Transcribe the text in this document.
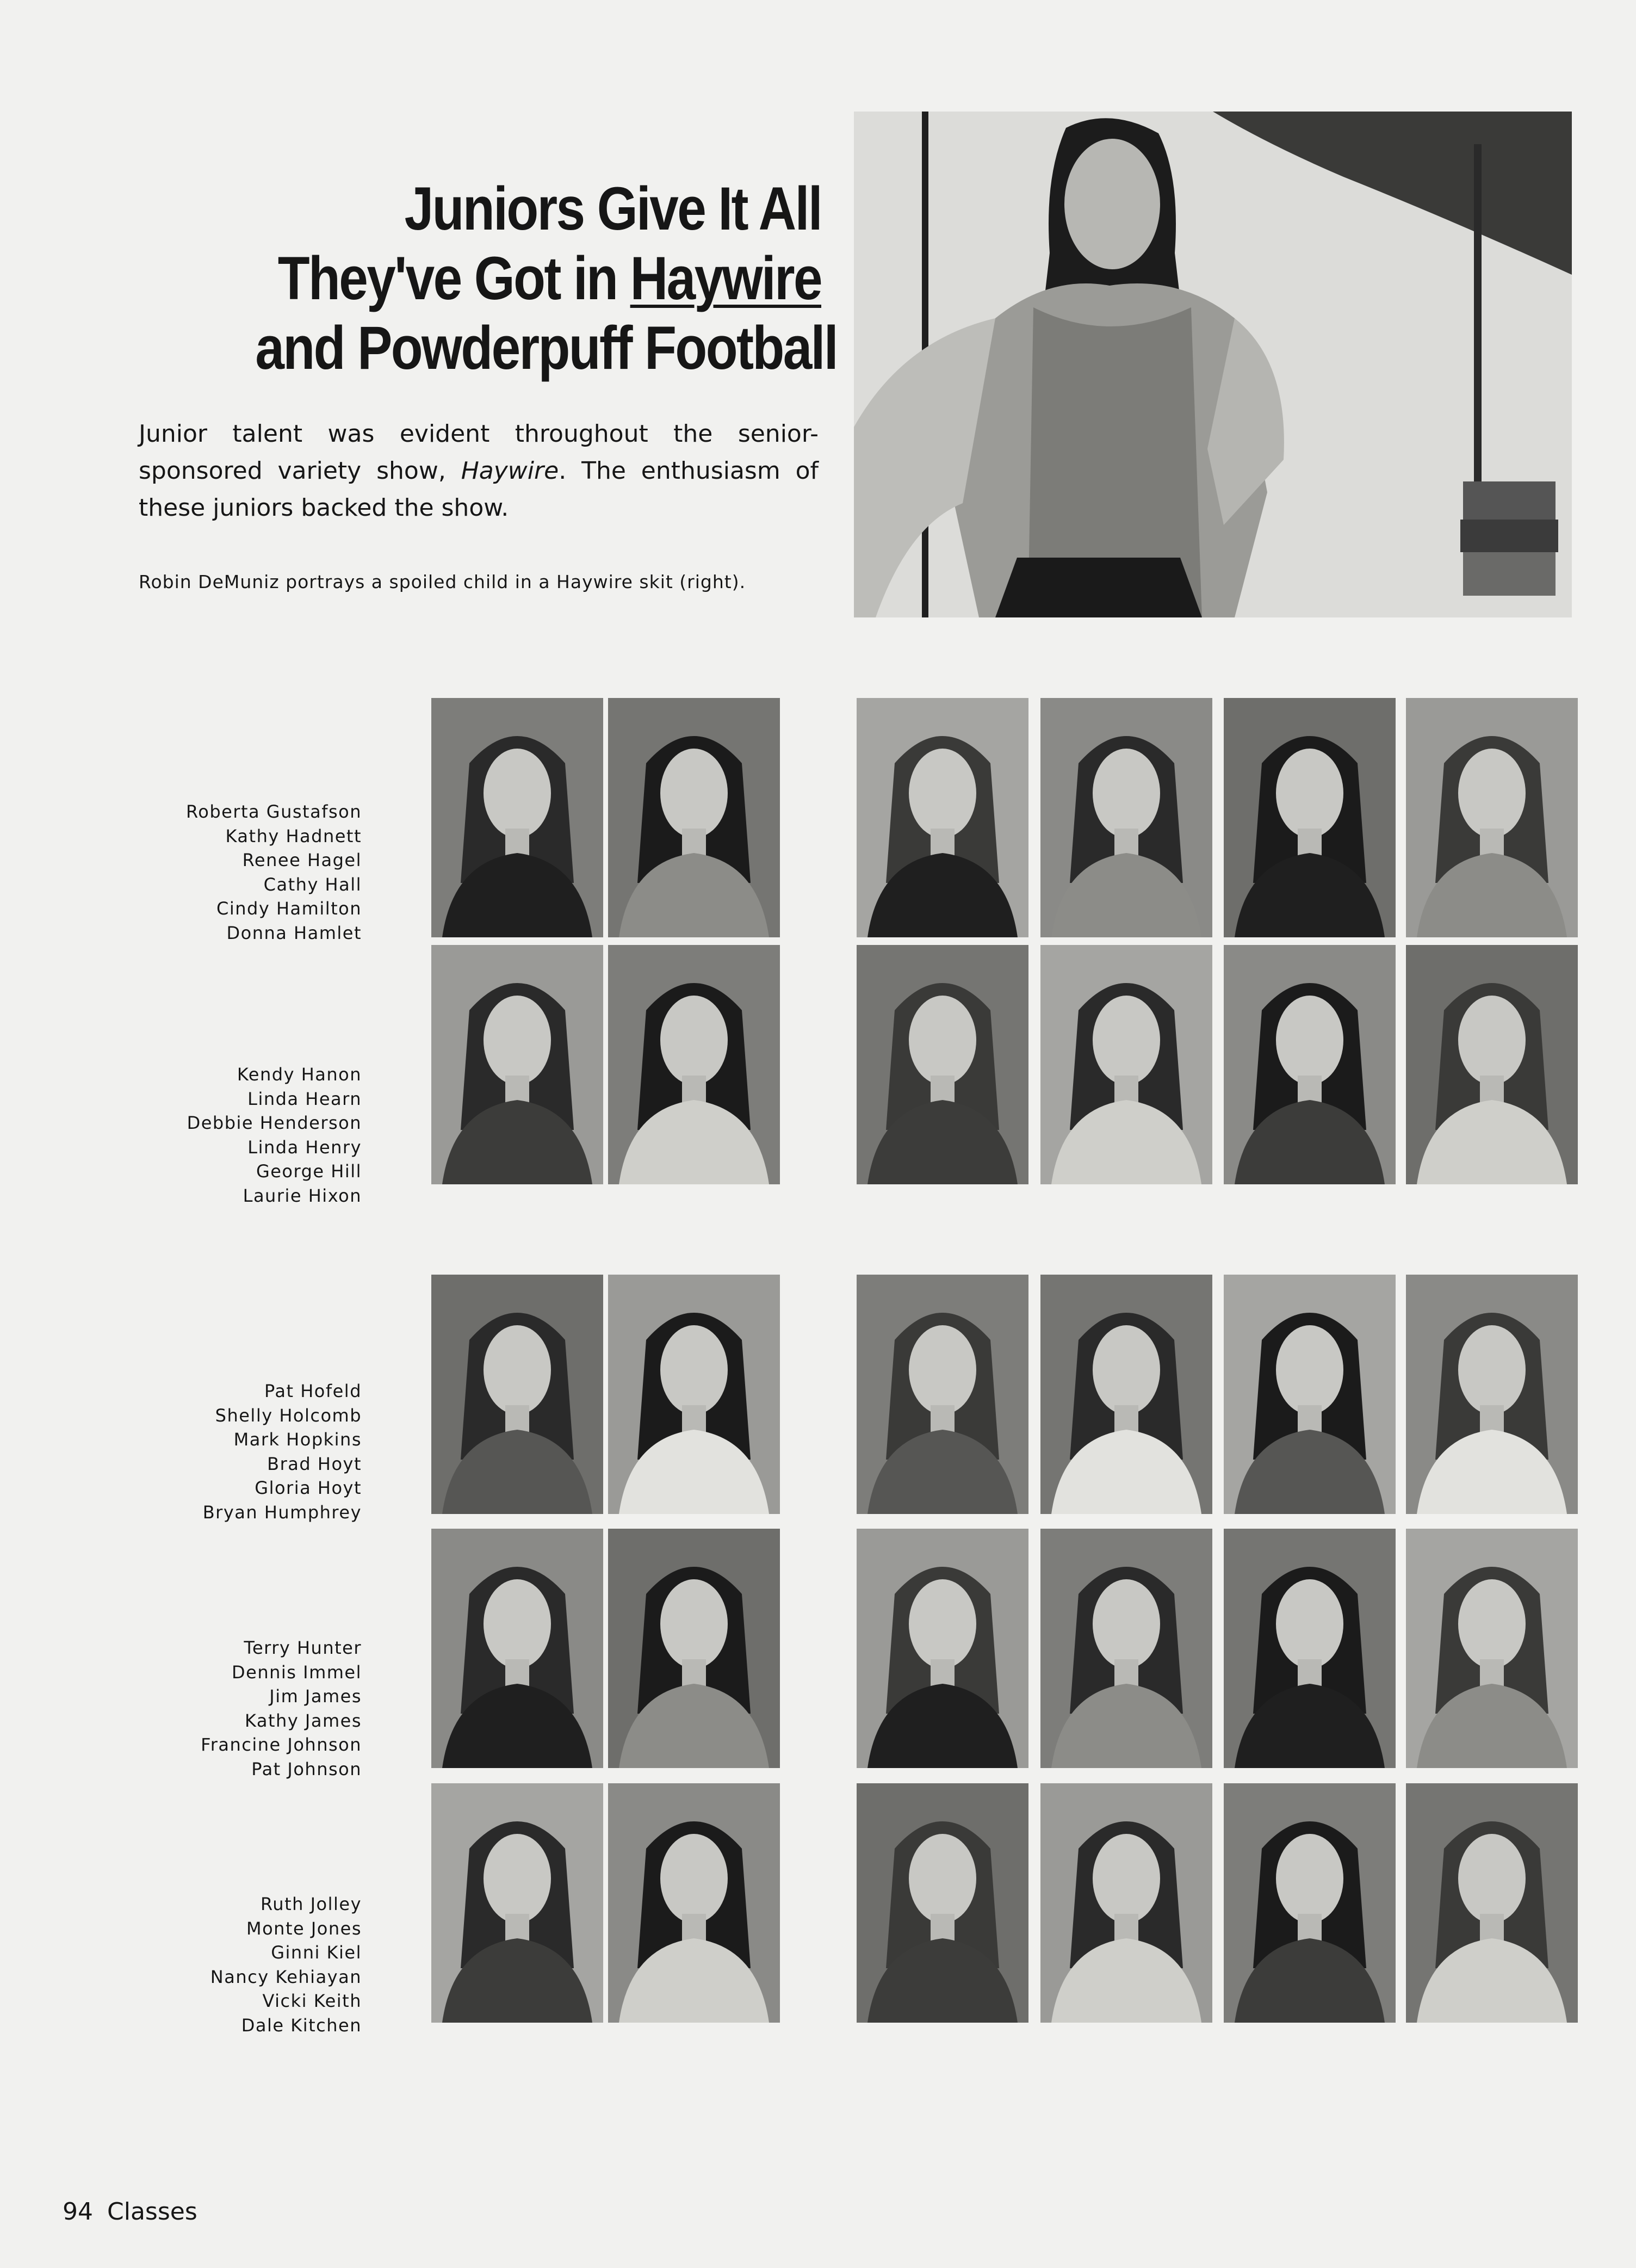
Juniors Give It All
They've Got in Haywire
and Powderpuff Football
Junior talent was evident throughout the senior-sponsored variety show, Haywire. The enthusiasm of these juniors backed the show.
Robin DeMuniz portrays a spoiled child in a Haywire skit (right).
Roberta Gustafson
Kathy Hadnett
Renee Hagel
Cathy Hall
Cindy Hamilton
Donna Hamlet
Kendy Hanon
Linda Hearn
Debbie Henderson
Linda Henry
George Hill
Laurie Hixon
Pat Hofeld
Shelly Holcomb
Mark Hopkins
Brad Hoyt
Gloria Hoyt
Bryan Humphrey
Terry Hunter
Dennis Immel
Jim James
Kathy James
Francine Johnson
Pat Johnson
Ruth Jolley
Monte Jones
Ginni Kiel
Nancy Kehiayan
Vicki Keith
Dale Kitchen
94 Classes
